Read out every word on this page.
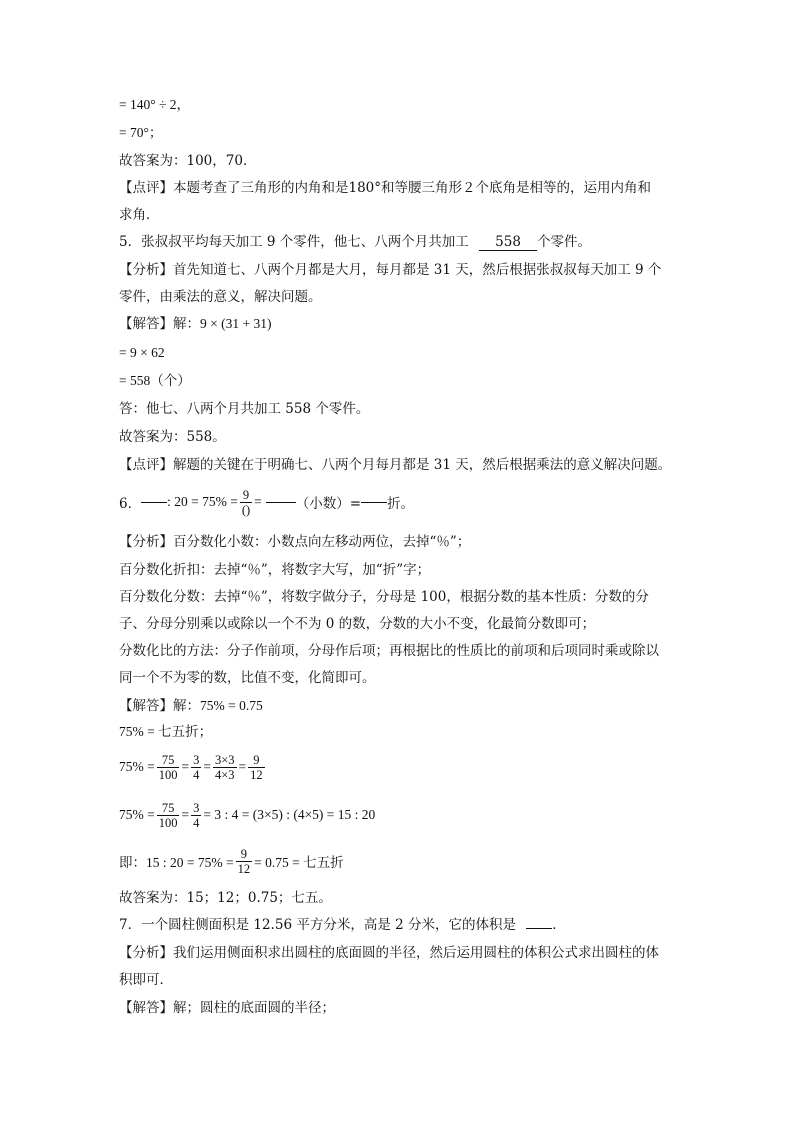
= 140° ÷ 2，
= 70°；
故答案为：100，70．
【点评】本题考查了三角形的内角和是180°和等腰三角形２个底角是相等的，运用内角和
求角．
5．张叔叔平均每天加工 9 个零件，他七、八两个月共加工 558 个零件。
【分析】首先知道七、八两个月都是大月，每月都是 31 天，然后根据张叔叔每天加工 9 个
零件，由乘法的意义，解决问题。
【解答】解：9 × (31 + 31)
= 9 × 62
= 558（个）
答：他七、八两个月共加工 558 个零件。
故答案为：558。
【点评】解题的关键在于明确七、八两个月每月都是 31 天，然后根据乘法的意义解决问题。
6． : $20 = 75\% = \frac{9}{()}$ =	（小数）= 折。
【分析】百分数化小数：小数点向左移动两位，去掉“％”；
百分数化折扣：去掉“％”，将数字大写，加“折”字；
百分数化分数：去掉“％”，将数字做分子，分母是 100，根据分数的基本性质：分数的分
子、分母分别乘以或除以一个不为 0 的数，分数的大小不变，化最简分数即可；
分数化比的方法：分子作前项，分母作后项；再根据比的性质比的前项和后项同时乘或除以
同一个不为零的数，比值不变，化简即可。
【解答】解：75% = 0.75
75% = 七五折；
$75\% = \frac{75}{100} = \frac{3}{4} = \frac{3\times 3}{4\times 3} = \frac{9}{12}$
$75\% = \frac{75}{100} = \frac{3}{4} = 3$ : 4 = (3×5) : (4×5) = 15 : 20
即：15 : $20 = 75\% = \frac{9}{12} = 0.75$ = 七五折
故答案为：15；12；0.75；七五。
7．一个圆柱侧面积是 12.56 平方分米，高是 2 分米，它的体积是	．
【分析】我们运用侧面积求出圆柱的底面圆的半径，然后运用圆柱的体积公式求出圆柱的体
积即可．
【解答】解；圆柱的底面圆的半径；
